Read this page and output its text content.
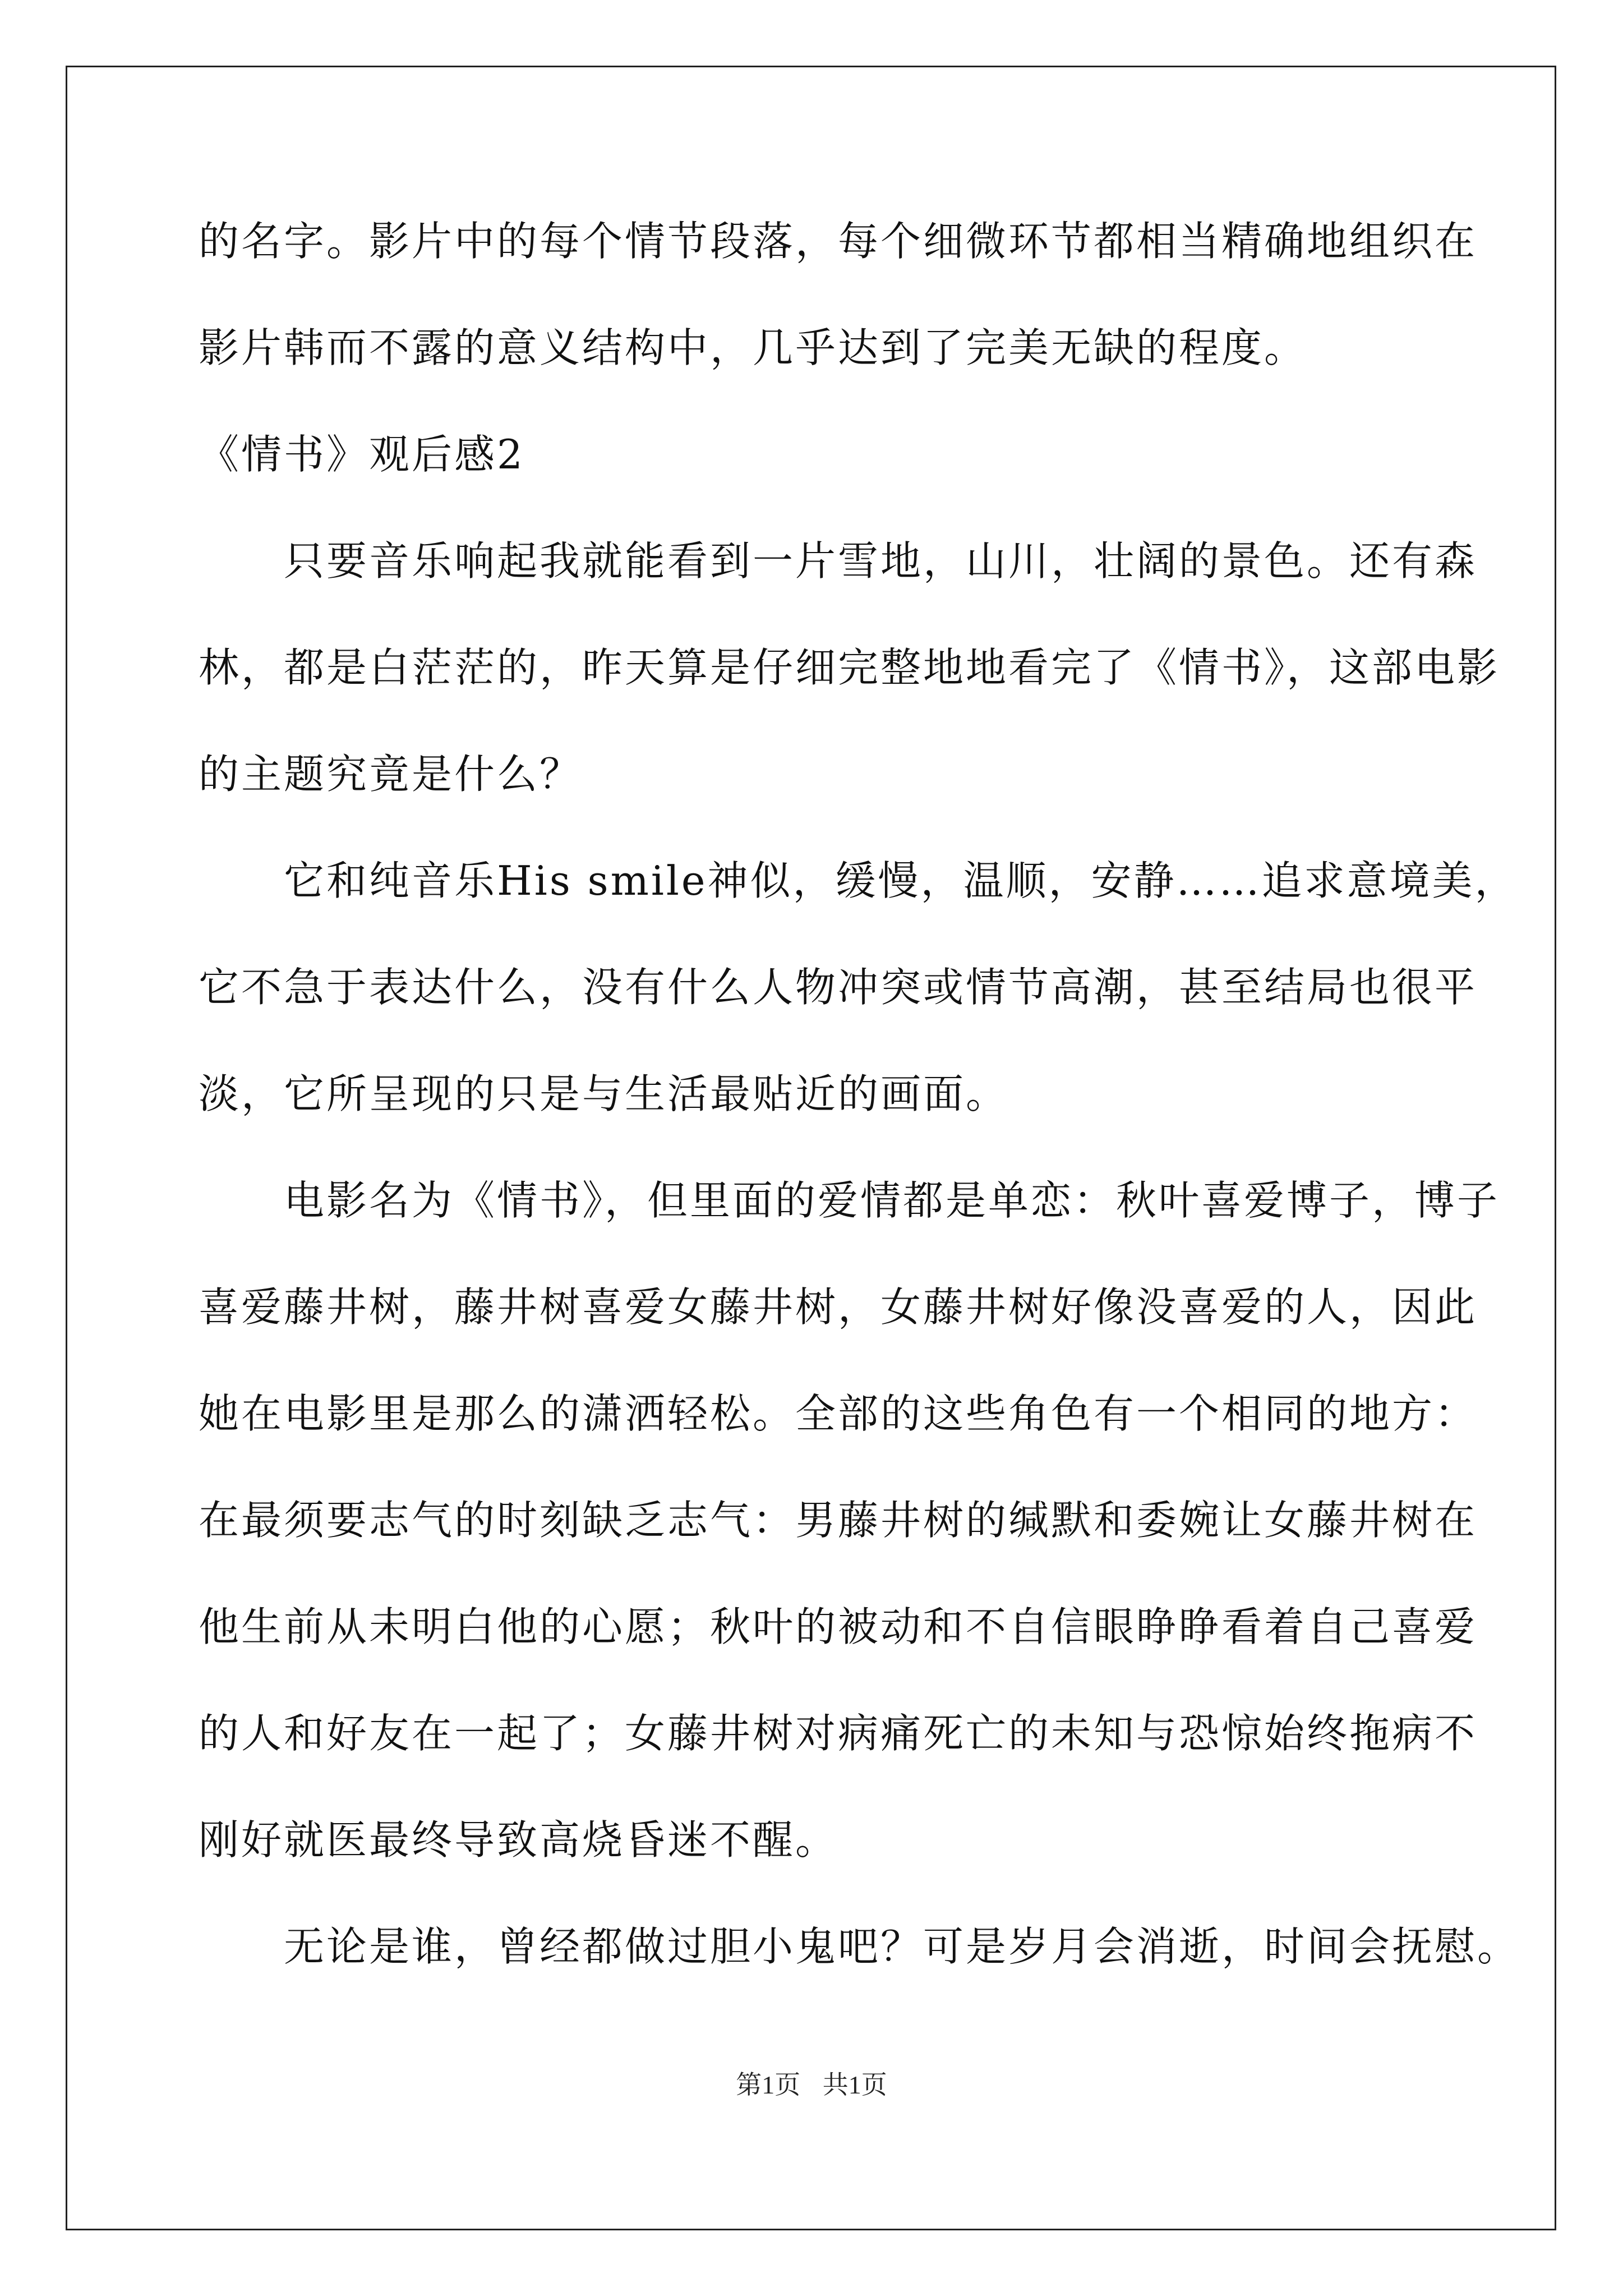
的名字。影片中的每个情节段落，每个细微环节都相当精确地组织在
影片韩而不露的意义结构中，几乎达到了完美无缺的程度。
《情书》观后感2
　　只要音乐响起我就能看到一片雪地，山川，壮阔的景色。还有森
林，都是白茫茫的，昨天算是仔细完整地地看完了《情书》，这部电影
的主题究竟是什么？
　　它和纯音乐His smile神似，缓慢，温顺，安静……追求意境美，
它不急于表达什么，没有什么人物冲突或情节高潮，甚至结局也很平
淡，它所呈现的只是与生活最贴近的画面。
　　电影名为《情书》，但里面的爱情都是单恋：秋叶喜爱博子，博子
喜爱藤井树，藤井树喜爱女藤井树，女藤井树好像没喜爱的人，因此
她在电影里是那么的潇洒轻松。全部的这些角色有一个相同的地方：
在最须要志气的时刻缺乏志气：男藤井树的缄默和委婉让女藤井树在
他生前从未明白他的心愿；秋叶的被动和不自信眼睁睁看着自己喜爱
的人和好友在一起了；女藤井树对病痛死亡的未知与恐惊始终拖病不
刚好就医最终导致高烧昏迷不醒。
　　无论是谁，曾经都做过胆小鬼吧？可是岁月会消逝，时间会抚慰。
第1页 共1页
